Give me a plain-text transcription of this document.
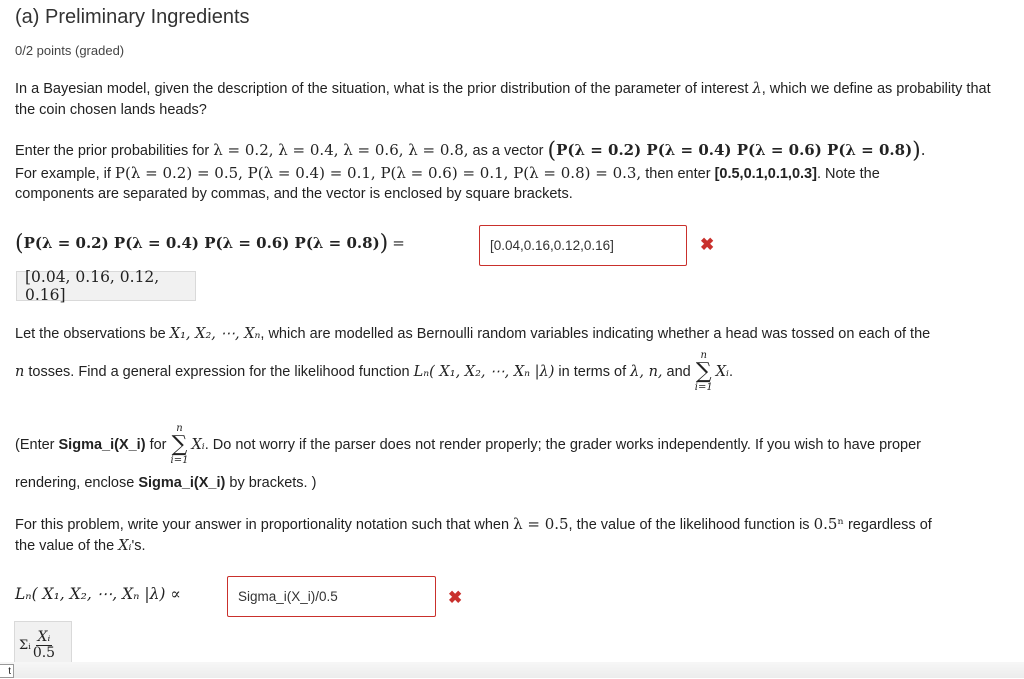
(a) Preliminary Ingredients
0/2 points (graded)

In a Bayesian model, given the description of the situation, what is the prior distribution of the parameter of interest λ, which we define as probability that the coin chosen lands heads?

Enter the prior probabilities for λ = 0.2, λ = 0.4, λ = 0.6, λ = 0.8, as a vector (P(λ = 0.2) P(λ = 0.4) P(λ = 0.6) P(λ = 0.8)).
For example, if P(λ = 0.2) = 0.5, P(λ = 0.4) = 0.1, P(λ = 0.6) = 0.1, P(λ = 0.8) = 0.3, then enter [0.5,0.1,0.1,0.3]. Note the
components are separated by commas, and the vector is enclosed by square brackets.
(P(λ = 0.2) P(λ = 0.4) P(λ = 0.6) P(λ = 0.8)) =	[0.04,0.16,0.12,0.16]	✖
[0.04, 0.16, 0.12, 0.16]
Let the observations be X₁, X₂, ⋯, Xₙ, which are modelled as Bernoulli random variables indicating whether a head was tossed on each of the
n tosses. Find a general expression for the likelihood function Lₙ( X₁, X₂, ⋯, Xₙ |λ) in terms of λ, n, and
n
∑
i=1
Xᵢ .
(Enter Sigma_i(X_i) for
n
∑
i=1
Xᵢ . Do not worry if the parser does not render properly; the grader works independently. If you wish to have proper
rendering, enclose Sigma_i(X_i) by brackets. )
For this problem, write your answer in proportionality notation such that when λ = 0.5, the value of the likelihood function is 0.5ⁿ regardless of
the value of the Xᵢ's.
Lₙ( X₁, X₂, ⋯, Xₙ |λ) ∝	Sigma_i(X_i)/0.5	✖
Σᵢ $\frac{\text{Xᵢ}}{0.5}$
t
